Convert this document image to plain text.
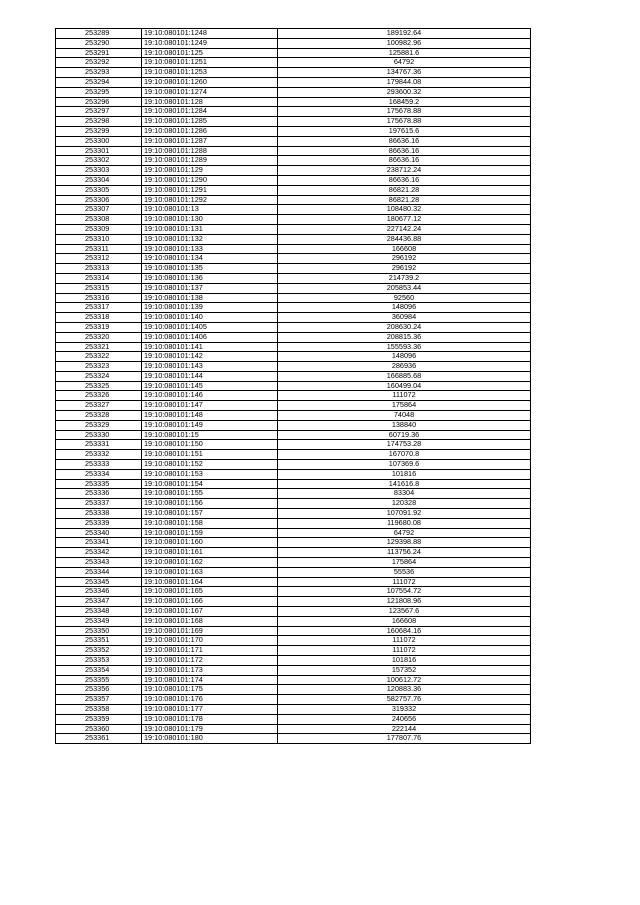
253289	19:10:080101:1248	189192.64
253290	19:10:080101:1249	100982.96
253291	19:10:080101:125	125881.6
253292	19:10:080101:1251	64792
253293	19:10:080101:1253	134767.36
253294	19:10:080101:1260	179844.08
253295	19:10:080101:1274	293600.32
253296	19:10:080101:128	168459.2
253297	19:10:080101:1284	175678.88
253298	19:10:080101:1285	175678.88
253299	19:10:080101:1286	197615.6
253300	19:10:080101:1287	86636.16
253301	19:10:080101:1288	86636.16
253302	19:10:080101:1289	86636.16
253303	19:10:080101:129	238712.24
253304	19:10:080101:1290	86636.16
253305	19:10:080101:1291	86821.28
253306	19:10:080101:1292	86821.28
253307	19:10:080101:13	108480.32
253308	19:10:080101:130	180677.12
253309	19:10:080101:131	227142.24
253310	19:10:080101:132	284436.88
253311	19:10:080101:133	166608
253312	19:10:080101:134	296192
253313	19:10:080101:135	296192
253314	19:10:080101:136	214739.2
253315	19:10:080101:137	205853.44
253316	19:10:080101:138	92560
253317	19:10:080101:139	148096
253318	19:10:080101:140	360984
253319	19:10:080101:1405	208630.24
253320	19:10:080101:1406	208815.36
253321	19:10:080101:141	155593.36
253322	19:10:080101:142	148096
253323	19:10:080101:143	286936
253324	19:10:080101:144	166885.68
253325	19:10:080101:145	160499.04
253326	19:10:080101:146	111072
253327	19:10:080101:147	175864
253328	19:10:080101:148	74048
253329	19:10:080101:149	138840
253330	19:10:080101:15	60719.36
253331	19:10:080101:150	174753.28
253332	19:10:080101:151	167070.8
253333	19:10:080101:152	107369.6
253334	19:10:080101:153	101816
253335	19:10:080101:154	141616.8
253336	19:10:080101:155	83304
253337	19:10:080101:156	120328
253338	19:10:080101:157	107091.92
253339	19:10:080101:158	119680.08
253340	19:10:080101:159	64792
253341	19:10:080101:160	129398.88
253342	19:10:080101:161	113756.24
253343	19:10:080101:162	175864
253344	19:10:080101:163	55536
253345	19:10:080101:164	111072
253346	19:10:080101:165	107554.72
253347	19:10:080101:166	121808.96
253348	19:10:080101:167	123567.6
253349	19:10:080101:168	166608
253350	19:10:080101:169	160684.16
253351	19:10:080101:170	111072
253352	19:10:080101:171	111072
253353	19:10:080101:172	101816
253354	19:10:080101:173	157352
253355	19:10:080101:174	100612.72
253356	19:10:080101:175	120883.36
253357	19:10:080101:176	582757.76
253358	19:10:080101:177	319332
253359	19:10:080101:178	240656
253360	19:10:080101:179	222144
253361	19:10:080101:180	177807.76
